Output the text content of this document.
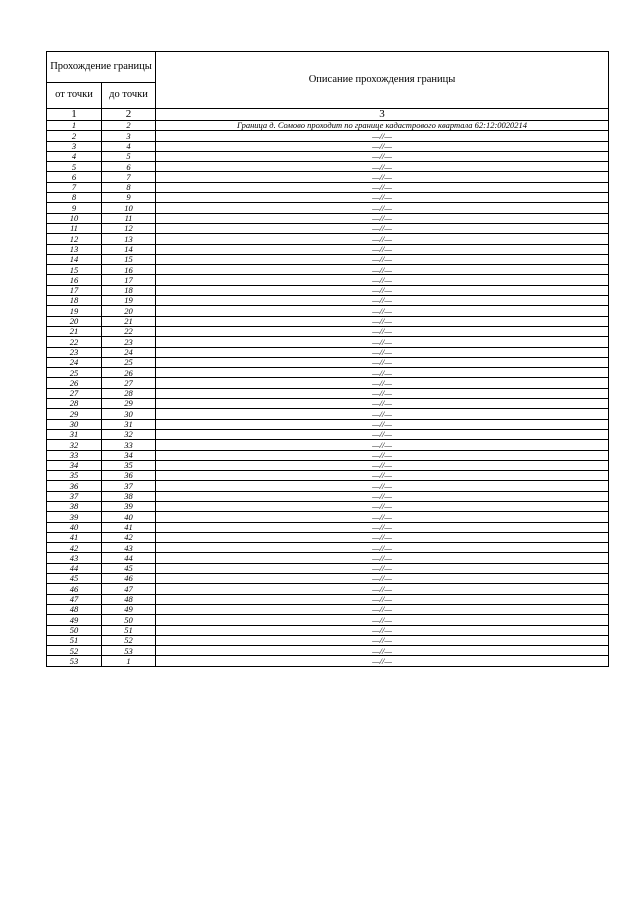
Прохождение границы		Описание прохождения границы
от точки	до точки	
1	2	3
1	2	Граница д. Сомово проходит по границе кадастрового квартала 62:12:0020214
2	3	—//—
3	4	—//—
4	5	—//—
5	6	—//—
6	7	—//—
7	8	—//—
8	9	—//—
9	10	—//—
10	11	—//—
11	12	—//—
12	13	—//—
13	14	—//—
14	15	—//—
15	16	—//—
16	17	—//—
17	18	—//—
18	19	—//—
19	20	—//—
20	21	—//—
21	22	—//—
22	23	—//—
23	24	—//—
24	25	—//—
25	26	—//—
26	27	—//—
27	28	—//—
28	29	—//—
29	30	—//—
30	31	—//—
31	32	—//—
32	33	—//—
33	34	—//—
34	35	—//—
35	36	—//—
36	37	—//—
37	38	—//—
38	39	—//—
39	40	—//—
40	41	—//—
41	42	—//—
42	43	—//—
43	44	—//—
44	45	—//—
45	46	—//—
46	47	—//—
47	48	—//—
48	49	—//—
49	50	—//—
50	51	—//—
51	52	—//—
52	53	—//—
53	1	—//—
